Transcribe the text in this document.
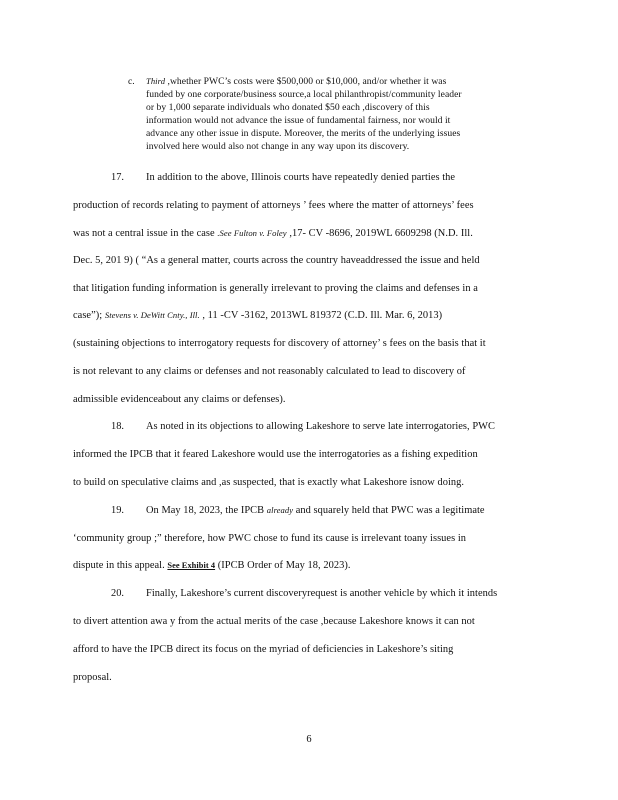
c. Third ,whether PWC’s costs were $500,000 or $10,000, and/or whether it was
funded by one corporate/business source,a local philanthropist/community leader
or by 1,000 separate individuals who donated $50 each ,discovery of this
information would not advance the issue of fundamental fairness, nor would it
advance any other issue in dispute. Moreover, the merits of the underlying issues
involved here would also not change in any way upon its discovery.
17. In addition to the above, Illinois courts have repeatedly denied parties the
production of records relating to payment of attorneys ’ fees where the matter of attorneys’ fees
was not a central issue in the case .See Fulton v. Foley ,17- CV -8696, 2019WL 6609298 (N.D. Ill.
Dec. 5, 201 9) ( “As a general matter, courts across the country haveaddressed the issue and held
that litigation funding information is generally irrelevant to proving the claims and defenses in a
case”); Stevens v. DeWitt Cnty., Ill. , 11 -CV -3162, 2013WL 819372 (C.D. Ill. Mar. 6, 2013)
(sustaining objections to interrogatory requests for discovery of attorney’ s fees on the basis that it
is not relevant to any claims or defenses and not reasonably calculated to lead to discovery of
admissible evidenceabout any claims or defenses).
18. As noted in its objections to allowing Lakeshore to serve late interrogatories, PWC
informed the IPCB that it feared Lakeshore would use the interrogatories as a fishing expedition
to build on speculative claims and ,as suspected, that is exactly what Lakeshore isnow doing.
19. On May 18, 2023, the IPCB already and squarely held that PWC was a legitimate
‘community group ;” therefore, how PWC chose to fund its cause is irrelevant toany issues in
dispute in this appeal. See Exhibit 4 (IPCB Order of May 18, 2023).
20. Finally, Lakeshore’s current discoveryrequest is another vehicle by which it intends
to divert attention awa y from the actual merits of the case ,because Lakeshore knows it can not
afford to have the IPCB direct its focus on the myriad of deficiencies in Lakeshore’s siting
proposal.
6
